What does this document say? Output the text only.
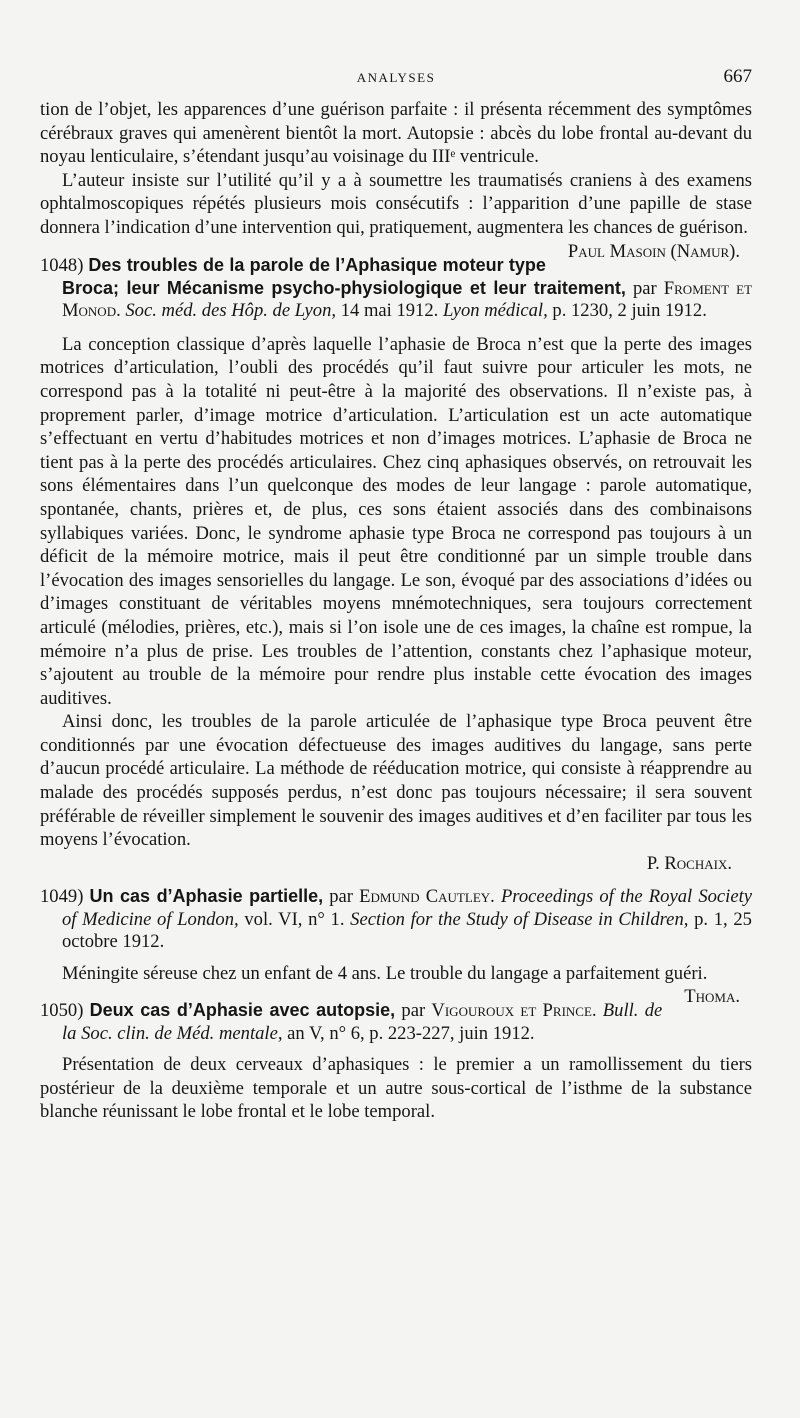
ANALYSES	667

tion de l’objet, les apparences d’une guérison parfaite : il présenta récemment des symptômes cérébraux graves qui amenèrent bientôt la mort. Autopsie : abcès du lobe frontal au-devant du noyau lenticulaire, s’étendant jusqu’au voisinage du IIIᵉ ventricule.

L’auteur insiste sur l’utilité qu’il y a à soumettre les traumatisés craniens à des examens ophtalmoscopiques répétés plusieurs mois consécutifs : l’apparition d’une papille de stase donnera l’indication d’une intervention qui, pratiquement, augmentera les chances de guérison.
Paul Masoin (Namur).

1048) Des troubles de la parole de l’Aphasique moteur type Broca; leur Mécanisme psycho-physiologique et leur traitement, par Froment et Monod. Soc. méd. des Hôp. de Lyon, 14 mai 1912. Lyon médical, p. 1230, 2 juin 1912.

La conception classique d’après laquelle l’aphasie de Broca n’est que la perte des images motrices d’articulation, l’oubli des procédés qu’il faut suivre pour articuler les mots, ne correspond pas à la totalité ni peut-être à la majorité des observations. Il n’existe pas, à proprement parler, d’image motrice d’articulation. L’articulation est un acte automatique s’effectuant en vertu d’habitudes motrices et non d’images motrices. L’aphasie de Broca ne tient pas à la perte des procédés articulaires. Chez cinq aphasiques observés, on retrouvait les sons élémentaires dans l’un quelconque des modes de leur langage : parole automatique, spontanée, chants, prières et, de plus, ces sons étaient associés dans des combinaisons syllabiques variées. Donc, le syndrome aphasie type Broca ne correspond pas toujours à un déficit de la mémoire motrice, mais il peut être conditionné par un simple trouble dans l’évocation des images sensorielles du langage. Le son, évoqué par des associations d’idées ou d’images constituant de véritables moyens mnémotechniques, sera toujours correctement articulé (mélodies, prières, etc.), mais si l’on isole une de ces images, la chaîne est rompue, la mémoire n’a plus de prise. Les troubles de l’attention, constants chez l’aphasique moteur, s’ajoutent au trouble de la mémoire pour rendre plus instable cette évocation des images auditives.

Ainsi donc, les troubles de la parole articulée de l’aphasique type Broca peuvent être conditionnés par une évocation défectueuse des images auditives du langage, sans perte d’aucun procédé articulaire. La méthode de rééducation motrice, qui consiste à réapprendre au malade des procédés supposés perdus, n’est donc pas toujours nécessaire; il sera souvent préférable de réveiller simplement le souvenir des images auditives et d’en faciliter par tous les moyens l’évocation.

P. Rochaix.

1049) Un cas d’Aphasie partielle, par Edmund Cautley. Proceedings of the Royal Society of Medicine of London, vol. VI, n° 1. Section for the Study of Disease in Children, p. 1, 25 octobre 1912.

Méningite séreuse chez un enfant de 4 ans. Le trouble du langage a parfaitement guéri.
Thoma.

1050) Deux cas d’Aphasie avec autopsie, par Vigouroux et Prince. Bull. de la Soc. clin. de Méd. mentale, an V, n° 6, p. 223-227, juin 1912.

Présentation de deux cerveaux d’aphasiques : le premier a un ramollissement du tiers postérieur de la deuxième temporale et un autre sous-cortical de l’isthme de la substance blanche réunissant le lobe frontal et le lobe temporal.
